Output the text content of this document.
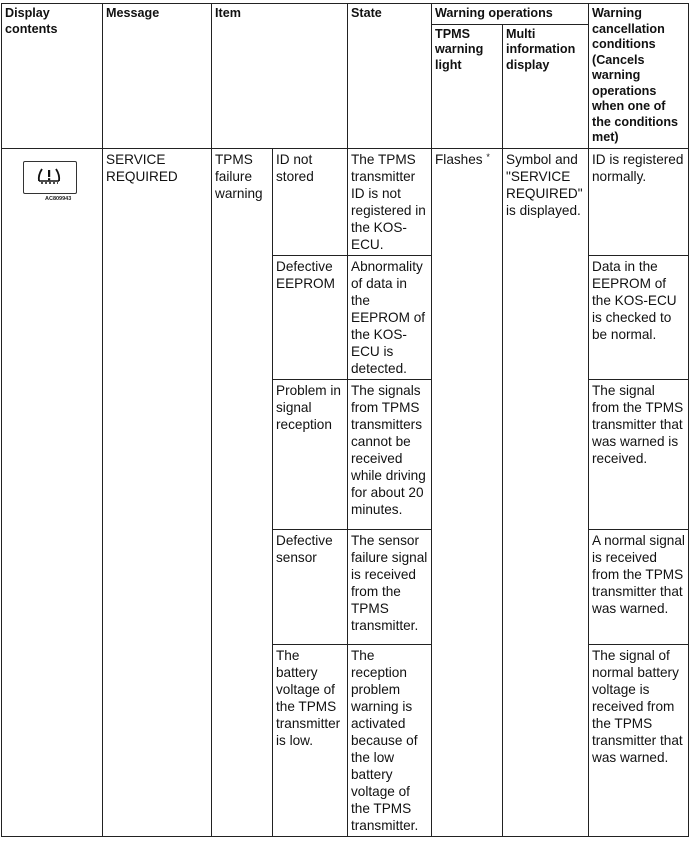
Display contents	Message	Item		State	Warning operations		Warning cancellation conditions (Cancels warning operations when one of the conditions met)
					TPMS warning light	Multi information display	

AC809943	SERVICE REQUIRED	TPMS failure warning	ID not stored	The TPMS transmitter ID is not registered in the KOS-ECU.	Flashes *	Symbol and "SERVICE REQUIRED" is displayed.	ID is registered normally.
			Defective EEPROM	Abnormality of data in the EEPROM of the KOS-ECU is detected.			Data in the EEPROM of the KOS-ECU is checked to be normal.
			Problem in signal reception	The signals from TPMS transmitters cannot be received while driving for about 20 minutes.			The signal from the TPMS transmitter that was warned is received.
			Defective sensor	The sensor failure signal is received from the TPMS transmitter.			A normal signal is received from the TPMS transmitter that was warned.
			The battery voltage of the TPMS transmitter is low.	The reception problem warning is activated because of the low battery voltage of the TPMS transmitter.			The signal of normal battery voltage is received from the TPMS transmitter that was warned.
